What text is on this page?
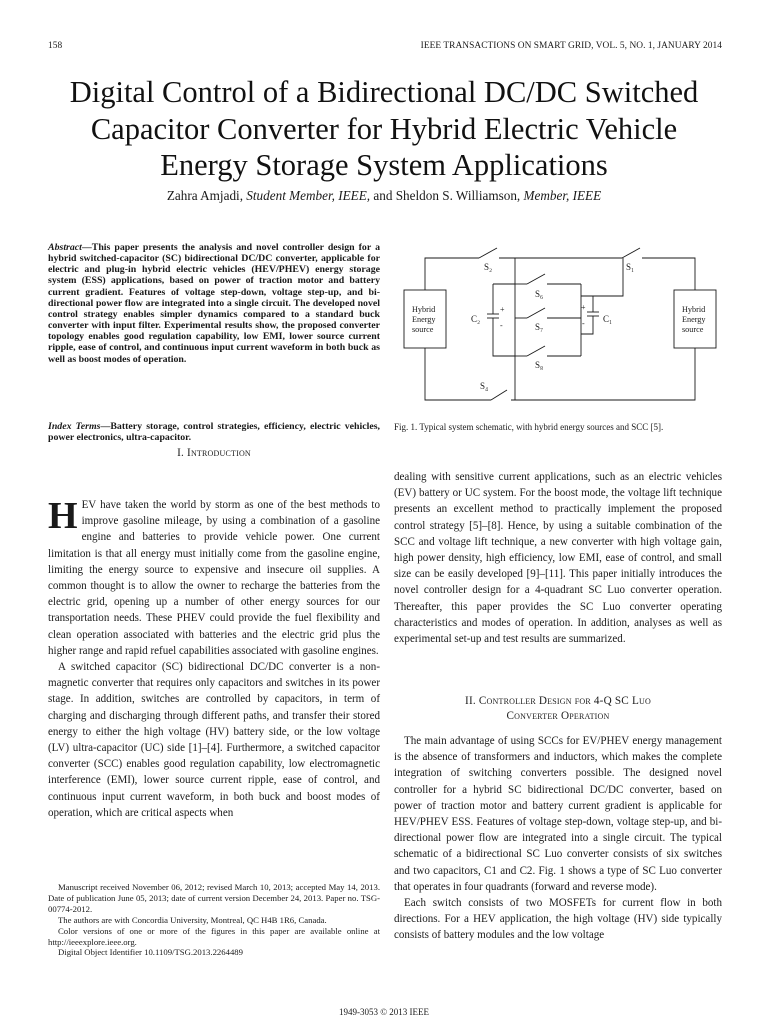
158	IEEE TRANSACTIONS ON SMART GRID, VOL. 5, NO. 1, JANUARY 2014
Digital Control of a Bidirectional DC/DC Switched
Capacitor Converter for Hybrid Electric Vehicle
Energy Storage System Applications
Zahra Amjadi, Student Member, IEEE, and Sheldon S. Williamson, Member, IEEE
Abstract—This paper presents the analysis and novel controller design for a hybrid switched-capacitor (SC) bidirectional DC/DC converter, applicable for electric and plug-in hybrid electric vehicles (HEV/PHEV) energy storage system (ESS) applications, based on power of traction motor and battery current gradient. Features of voltage step-down, voltage step-up, and bi-directional power flow are integrated into a single circuit. The developed novel control strategy enables simpler dynamics compared to a standard buck converter with input filter. Experimental results show, the proposed converter topology enables good regulation capability, low EMI, lower source current ripple, ease of control, and continuous input current waveform in both buck as well as boost modes of operation.
Index Terms—Battery storage, control strategies, efficiency, electric vehicles, power electronics, ultra-capacitor.
Hybrid
Energy
source
Hybrid
Energy
source
S₂	S₁
S₆
S₇
S₈
S₄
C₂	C₁
+
-
+
-
Fig. 1. Typical system schematic, with hybrid energy sources and SCC [5].
I. Introduction

HEV have taken the world by storm as one of the best methods to improve gasoline mileage, by using a combination of a gasoline engine and batteries to provide vehicle power. One current limitation is that all energy must initially come from the gasoline engine, limiting the energy source to expensive and insecure oil supplies. A common thought is to allow the owner to recharge the batteries from the electric grid, opening up a number of other energy sources for our transportation needs. These PHEV could provide the fuel flexibility and clean operation associated with batteries and the electric grid plus the higher range and rapid refuel capabilities associated with gasoline engines.

A switched capacitor (SC) bidirectional DC/DC converter is a non-magnetic converter that requires only capacitors and switches in its power stage. In addition, switches are controlled by capacitors, in term of charging and discharging through different paths, and transfer their stored energy to either the high voltage (HV) battery side, or the low voltage (LV) ultra-capacitor (UC) side [1]–[4]. Furthermore, a switched capacitor converter (SCC) enables good regulation capability, low electromagnetic interference (EMI), lower source current ripple, ease of control, and continuous input current waveform, in both buck and boost modes of operation, which are critical aspects when

dealing with sensitive current applications, such as an electric vehicles (EV) battery or UC system. For the boost mode, the voltage lift technique presents an excellent method to practically implement the proposed control strategy [5]–[8]. Hence, by using a suitable combination of the SCC and voltage lift technique, a new converter with high voltage gain, high power density, high efficiency, low EMI, ease of control, and small size can be easily developed [9]–[11]. This paper initially introduces the novel controller design for a 4-quadrant SC Luo converter operation. Thereafter, this paper provides the SC Luo converter operating characteristics and modes of operation. In addition, analyses as well as experimental set-up and test results are summarized.

II. Controller Design for 4-Q SC Luo
Converter Operation

The main advantage of using SCCs for EV/PHEV energy management is the absence of transformers and inductors, which makes the complete integration of switching converters possible. The designed novel controller for a hybrid SC bidirectional DC/DC converter, based on power of traction motor and battery current gradient is applicable for HEV/PHEV ESS. Features of voltage step-down, voltage step-up, and bi-directional power flow are integrated into a single circuit. The typical schematic of a bidirectional SC Luo converter consists of six switches and two capacitors, C1 and C2. Fig. 1 shows a type of SC Luo converter that operates in four quadrants (forward and reverse mode).

Each switch consists of two MOSFETs for current flow in both directions. For a HEV application, the high voltage (HV) side typically consists of battery modules and the low voltage

Manuscript received November 06, 2012; revised March 10, 2013; accepted May 14, 2013. Date of publication June 05, 2013; date of current version December 24, 2013. Paper no. TSG-00774-2012.

The authors are with Concordia University, Montreal, QC H4B 1R6, Canada.

Color versions of one or more of the figures in this paper are available online at http://ieeexplore.ieee.org.

Digital Object Identifier 10.1109/TSG.2013.2264489

1949-3053 © 2013 IEEE
